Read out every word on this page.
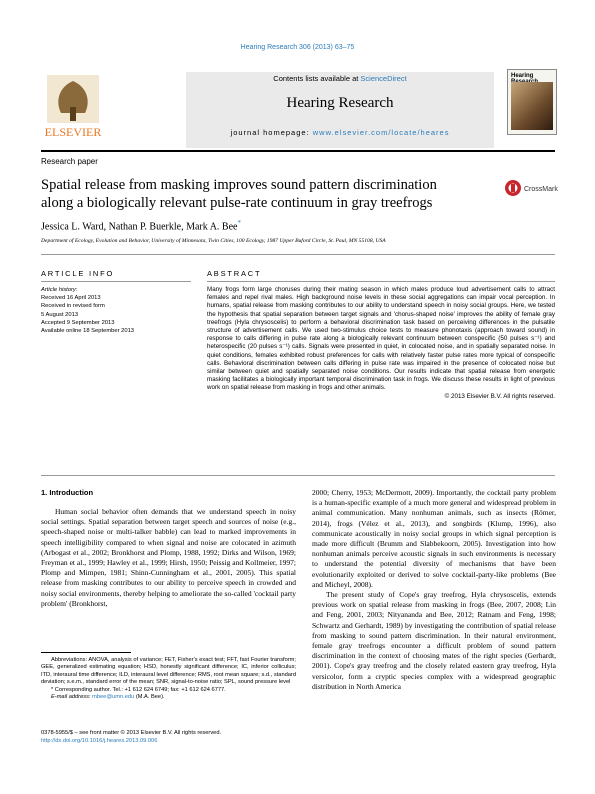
Hearing Research 306 (2013) 63–75
Contents lists available at ScienceDirect
Hearing Research
journal homepage: www.elsevier.com/locate/heares
ELSEVIER
Hearing
Research paper
Spatial release from masking improves sound pattern discrimination
along a biologically relevant pulse-rate continuum in gray treefrogs
CrossMark
Jessica L. Ward, Nathan P. Buerkle, Mark A. Bee*
Department of Ecology, Evolution and Behavior, University of Minnesota, Twin Cities, 100 Ecology, 1987 Upper Buford Circle, St. Paul, MN 55108, USA
ARTICLE INFO	ABSTRACT
Article history:
Received 16 April 2013
Received in revised form
5 August 2013
Accepted 9 September 2013
Available online 18 September 2013
Many frogs form large choruses during their mating season in which males produce loud advertisement calls to attract females and repel rival males. High background noise levels in these social aggregations can impair vocal perception. In humans, spatial release from masking contributes to our ability to understand speech in noisy social groups. Here, we tested the hypothesis that spatial separation between target signals and 'chorus-shaped noise' improves the ability of female gray treefrogs (Hyla chrysoscelis) to perform a behavioral discrimination task based on perceiving differences in the pulsatile structure of advertisement calls. We used two-stimulus choice tests to measure phonotaxis (approach toward sound) in response to calls differing in pulse rate along a biologically relevant continuum between conspecific (50 pulses s⁻¹) and heterospecific (20 pulses s⁻¹) calls. Signals were presented in quiet, in colocated noise, and in spatially separated noise. In quiet conditions, females exhibited robust preferences for calls with relatively faster pulse rates more typical of conspecific calls. Behavioral discrimination between calls differing in pulse rate was impaired in the presence of colocated noise but similar between quiet and spatially separated noise conditions. Our results indicate that spatial release from energetic masking facilitates a biologically important temporal discrimination task in frogs. We discuss these results in light of previous work on spatial release from masking in frogs and other animals.
© 2013 Elsevier B.V. All rights reserved.
1. Introduction
Human social behavior often demands that we understand speech in noisy social settings. Spatial separation between target speech and sources of noise (e.g., speech-shaped noise or multi-talker babble) can lead to marked improvements in speech intelligibility compared to when signal and noise are colocated in azimuth (Arbogast et al., 2002; Bronkhorst and Plomp, 1988, 1992; Dirks and Wilson, 1969; Freyman et al., 1999; Hawley et al., 1999; Hirsh, 1950; Peissig and Kollmeier, 1997; Plomp and Mimpen, 1981; Shinn-Cunningham et al., 2001, 2005). This spatial release from masking contributes to our ability to perceive speech in crowded and noisy social environments, thereby helping to ameliorate the so-called 'cocktail party problem' (Bronkhorst,
2000; Cherry, 1953; McDermott, 2009). Importantly, the cocktail party problem is a human-specific example of a much more general and widespread problem in animal communication. Many nonhuman animals, such as insects (Römer, 2014), frogs (Vélez et al., 2013), and songbirds (Klump, 1996), also communicate acoustically in noisy social groups in which signal perception is made more difficult (Brumm and Slabbekoorn, 2005). Investigation into how nonhuman animals perceive acoustic signals in such environments is necessary to understand the potential diversity of mechanisms that have been evolutionarily exploited or derived to solve cocktail-party-like problems (Bee and Micheyl, 2008).
The present study of Cope's gray treefrog, Hyla chrysoscelis, extends previous work on spatial release from masking in frogs (Bee, 2007, 2008; Lin and Feng, 2001, 2003; Nityananda and Bee, 2012; Ratnam and Feng, 1998; Schwartz and Gerhardt, 1989) by investigating the contribution of spatial release from masking to sound pattern discrimination. In their natural environment, female gray treefrogs encounter a difficult problem of sound pattern discrimination in the context of choosing mates of the right species (Gerhardt, 2001). Cope's gray treefrog and the closely related eastern gray treefrog, Hyla versicolor, form a cryptic species complex with a widespread geographic distribution in North America
Abbreviations: ANOVA, analysis of variance; FET, Fisher's exact test; FFT, fast Fourier transform; GEE, generalized estimating equation; HSD, honestly significant difference; IC, inferior colliculus; ITD, interaural time difference; ILD, interaural level difference; RMS, root mean square; s.d., standard deviation; s.e.m., standard error of the mean; SNR, signal-to-noise ratio; SPL, sound pressure level
* Corresponding author. Tel.: +1 612 624 6749; fax: +1 612 624 6777.
E-mail address: mbee@umn.edu (M.A. Bee).
0378-5955/$ – see front matter © 2013 Elsevier B.V. All rights reserved.
http://dx.doi.org/10.1016/j.heares.2013.09.006
